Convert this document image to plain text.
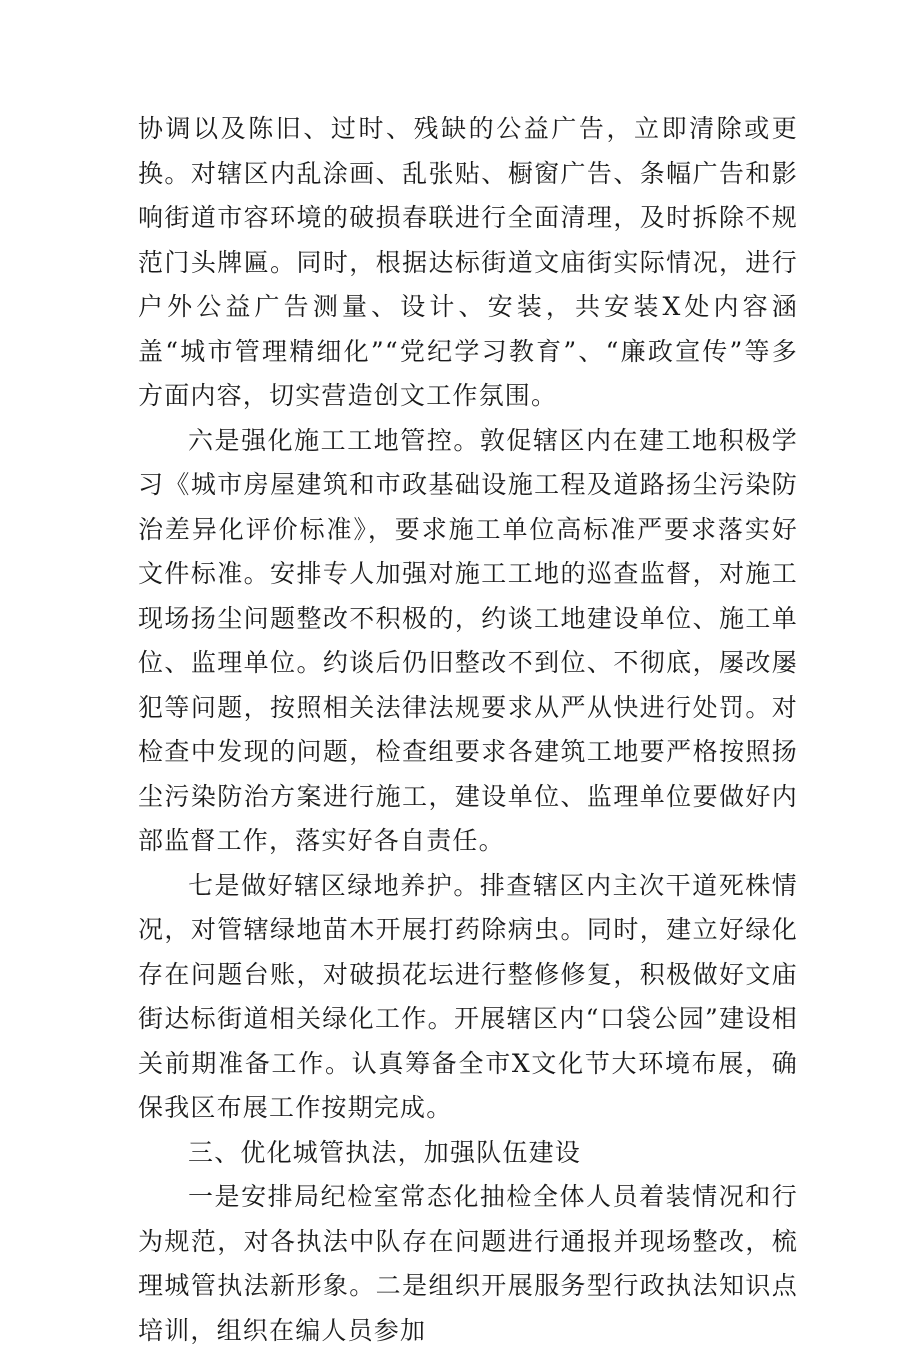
协调以及陈旧、过时、残缺的公益广告，立即清除或更换。对辖区内乱涂画、乱张贴、橱窗广告、条幅广告和影响街道市容环境的破损春联进行全面清理，及时拆除不规范门头牌匾。同时，根据达标街道文庙街实际情况，进行户外公益广告测量、设计、安装，共安装X处内容涵盖“城市管理精细化”“党纪学习教育”、“廉政宣传”等多方面内容，切实营造创文工作氛围。

六是强化施工工地管控。敦促辖区内在建工地积极学习《城市房屋建筑和市政基础设施工程及道路扬尘污染防治差异化评价标准》，要求施工单位高标准严要求落实好文件标准。安排专人加强对施工工地的巡查监督，对施工现场扬尘问题整改不积极的，约谈工地建设单位、施工单位、监理单位。约谈后仍旧整改不到位、不彻底，屡改屡犯等问题，按照相关法律法规要求从严从快进行处罚。对检查中发现的问题，检查组要求各建筑工地要严格按照扬尘污染防治方案进行施工，建设单位、监理单位要做好内部监督工作，落实好各自责任。

七是做好辖区绿地养护。排查辖区内主次干道死株情况，对管辖绿地苗木开展打药除病虫。同时，建立好绿化存在问题台账，对破损花坛进行整修修复，积极做好文庙街达标街道相关绿化工作。开展辖区内“口袋公园”建设相关前期准备工作。认真筹备全市X文化节大环境布展，确保我区布展工作按期完成。

三、优化城管执法，加强队伍建设

一是安排局纪检室常态化抽检全体人员着装情况和行为规范，对各执法中队存在问题进行通报并现场整改，梳理城管执法新形象。二是组织开展服务型行政执法知识点培训，组织在编人员参加
